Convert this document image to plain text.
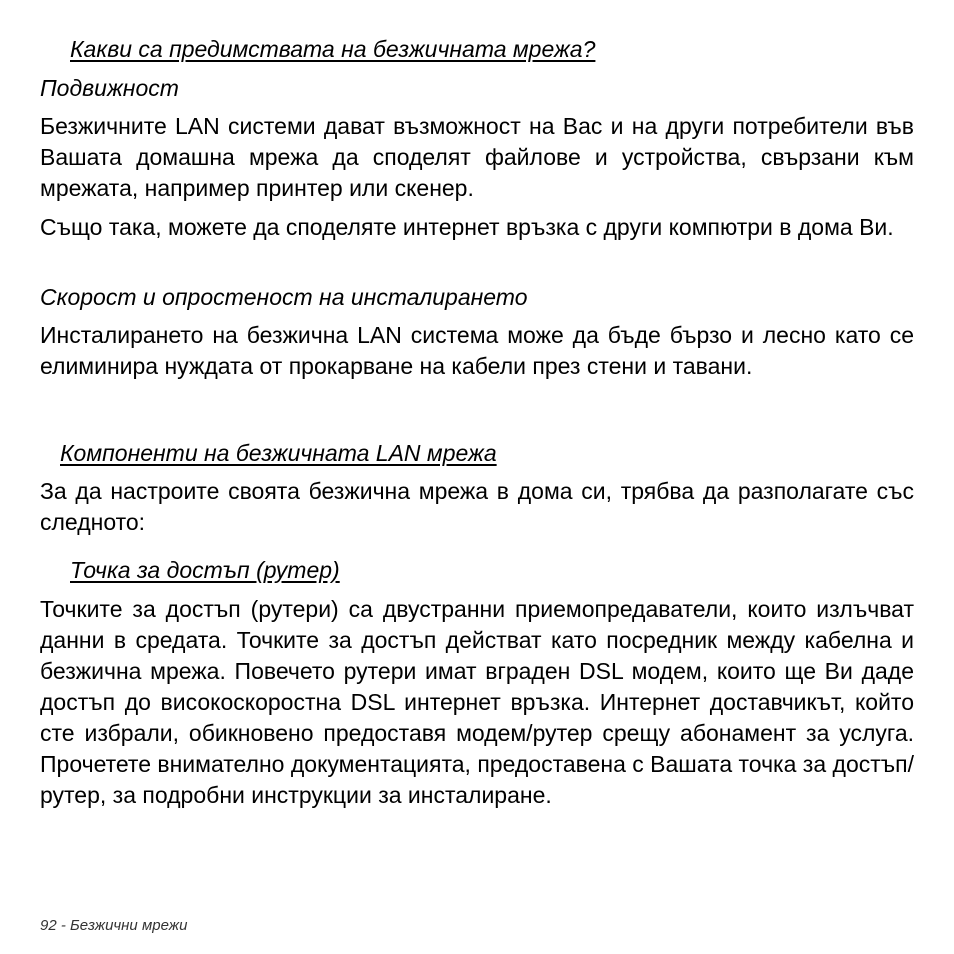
Какви са предимствата на безжичната мрежа?
Подвижност
Безжичните LAN системи дават възможност на Вас и на други потребители във Вашата домашна мрежа да споделят файлове и устройства, свързани към мрежата, например принтер или скенер.
Също така, можете да споделяте интернет връзка с други компютри в дома Ви.
Скорост и опростеност на инсталирането
Инсталирането на безжична LAN система може да бъде бързо и лесно като се елиминира нуждата от прокарване на кабели през стени и тавани.
Компоненти на безжичната LAN мрежа
За да настроите своята безжична мрежа в дома си, трябва да разполагате със следното:
Точка за достъп (рутер)
Точките за достъп (рутери) са двустранни приемопредаватели, които излъчват данни в средата. Точките за достъп действат като посредник между кабелна и безжична мрежа. Повечето рутери имат вграден DSL модем, които ще Ви даде достъп до високоскоростна DSL интернет връзка. Интернет доставчикът, който сте избрали, обикновено предоставя модем/рутер срещу абонамент за услуга. Прочетете внимателно документацията, предоставена с Вашата точка за достъп/рутер, за подробни инструкции за инсталиране.
92 - Безжични мрежи
